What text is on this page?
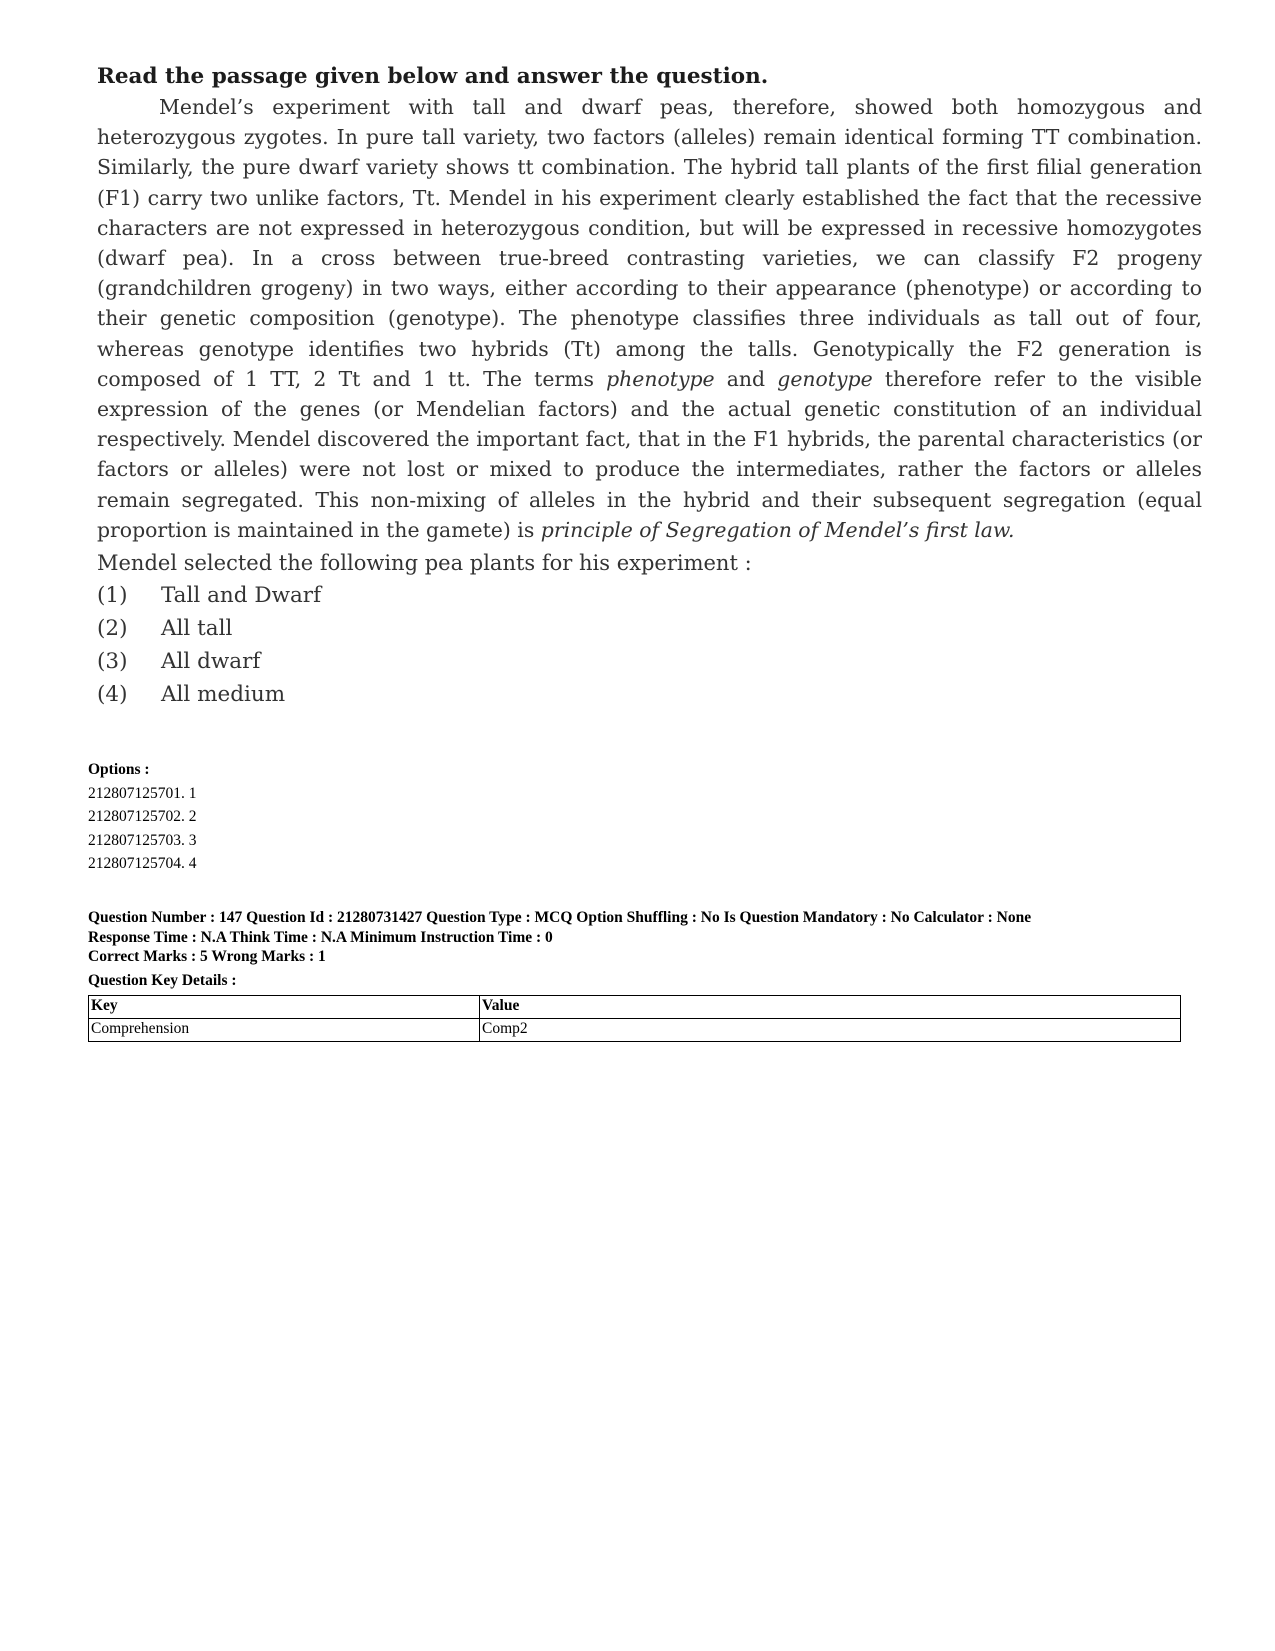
Read the passage given below and answer the question.

Mendel’s experiment with tall and dwarf peas, therefore, showed both homozygous and heterozygous zygotes. In pure tall variety, two factors (alleles) remain identical forming TT combination. Similarly, the pure dwarf variety shows tt combination. The hybrid tall plants of the first filial generation (F1) carry two unlike factors, Tt. Mendel in his experiment clearly established the fact that the recessive characters are not expressed in heterozygous condition, but will be expressed in recessive homozygotes (dwarf pea). In a cross between true-breed contrasting varieties, we can classify F2 progeny (grandchildren grogeny) in two ways, either according to their appearance (phenotype) or according to their genetic composition (genotype). The phenotype classifies three individuals as tall out of four, whereas genotype identifies two hybrids (Tt) among the talls. Genotypically the F2 generation is composed of 1 TT, 2 Tt and 1 tt. The terms phenotype and genotype therefore refer to the visible expression of the genes (or Mendelian factors) and the actual genetic constitution of an individual respectively. Mendel discovered the important fact, that in the F1 hybrids, the parental characteristics (or factors or alleles) were not lost or mixed to produce the intermediates, rather the factors or alleles remain segregated. This non-mixing of alleles in the hybrid and their subsequent segregation (equal proportion is maintained in the gamete) is principle of Segregation of Mendel’s first law.

Mendel selected the following pea plants for his experiment :

(1)	Tall and Dwarf
(2)	All tall
(3)	All dwarf
(4)	All medium
Options :
212807125701. 1
212807125702. 2
212807125703. 3
212807125704. 4
Question Number : 147 Question Id : 21280731427 Question Type : MCQ Option Shuffling : No Is Question Mandatory : No Calculator : None
Response Time : N.A Think Time : N.A Minimum Instruction Time : 0
Correct Marks : 5 Wrong Marks : 1
Question Key Details :
Key	Value
Comprehension	Comp2
